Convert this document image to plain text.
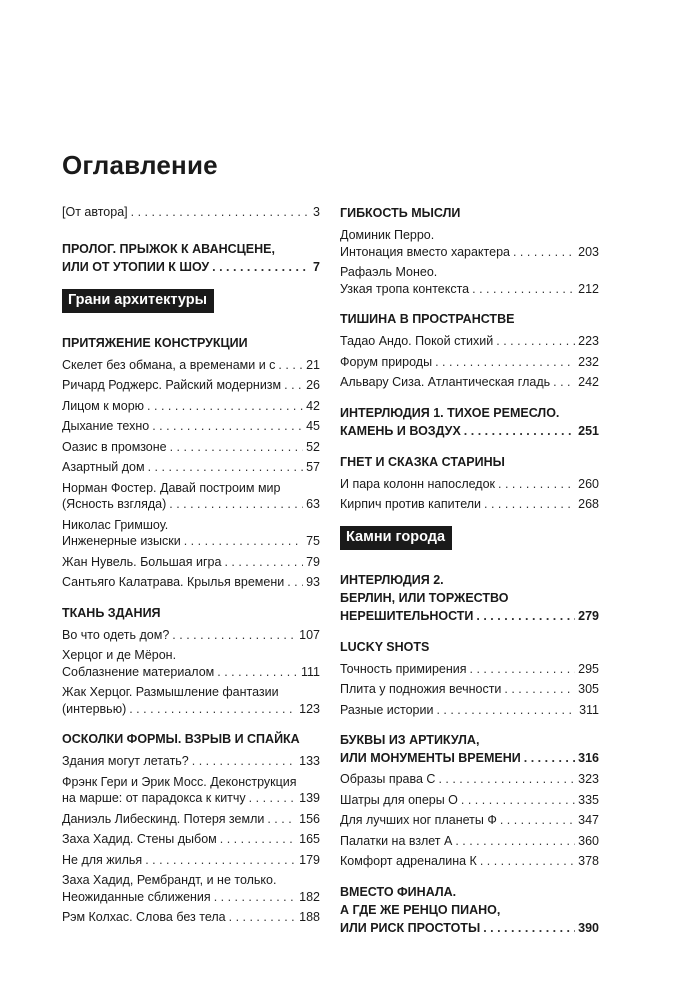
Оглавление
[От автора] . . .	3
ПРОЛОГ. ПРЫЖОК К АВАНСЦЕНЕ,
ИЛИ ОТ УТОПИИ К ШОУ . . .	7
Грани архитектуры
ПРИТЯЖЕНИЕ КОНСТРУКЦИИ
Скелет без обмана, а временами и с . . . 21
Ричард Роджерс. Райский модернизм . . . 26
Лицом к морю . . .	42
Дыхание техно . . .	45
Оазис в промзоне . . .	52
Азартный дом . . .	57
Норман Фостер. Давай построим мир
(Ясность взгляда) . . .	63
Николас Гримшоу.
Инженерные изыски . . .	75
Жан Нувель. Большая игра . . .	79
Сантьяго Калатрава. Крылья времени . . . 93
ТКАНЬ ЗДАНИЯ
Во что одеть дом? . . .	107
Херцог и де Мёрон.
Соблазнение материалом . . .	111
Жак Херцог. Размышление фантазии
(интервью) . . .	123
ОСКОЛКИ ФОРМЫ. ВЗРЫВ И СПАЙКА
Здания могут летать? . . .	133
Фрэнк Гери и Эрик Мосс. Деконструкция
на марше: от парадокса к китчу . . .	139
Даниэль Либескинд. Потеря земли . . .	156
Заха Хадид. Стены дыбом . . .	165
Не для жилья . . .	179
Заха Хадид, Рембрандт, и не только.
Неожиданные сближения . . .	182
Рэм Колхас. Слова без тела . . .	188
ГИБКОСТЬ МЫСЛИ
Доминик Перро.
Интонация вместо характера . . .	203
Рафаэль Монео.
Узкая тропа контекста . . .	212
ТИШИНА В ПРОСТРАНСТВЕ
Тадао Андо. Покой стихий . . .	223
Форум природы . . .	232
Альвару Сиза. Атлантическая гладь . . . 242
ИНТЕРЛЮДИЯ 1. ТИХОЕ РЕМЕСЛО.
КАМЕНЬ И ВОЗДУХ . . .	251
ГНЕТ И СКАЗКА СТАРИНЫ
И пара колонн напоследок . . .	260
Кирпич против капители . . .	268
Камни города
ИНТЕРЛЮДИЯ 2.
БЕРЛИН, ИЛИ ТОРЖЕСТВО
НЕРЕШИТЕЛЬНОСТИ . . .	279
LUCKY SHOTS
Точность примирения . . .	295
Плита у подножия вечности . . .	305
Разные истории . . .	311
БУКВЫ ИЗ АРТИКУЛА,
ИЛИ МОНУМЕНТЫ ВРЕМЕНИ . . .	316
Образы права С . . .	323
Шатры для оперы О . . .	335
Для лучших ног планеты Ф . . .	347
Палатки на взлет А . . .	360
Комфорт адреналина К . . .	378
ВМЕСТО ФИНАЛА.
А ГДЕ ЖЕ РЕНЦО ПИАНО,
ИЛИ РИСК ПРОСТОТЫ . . .	390
